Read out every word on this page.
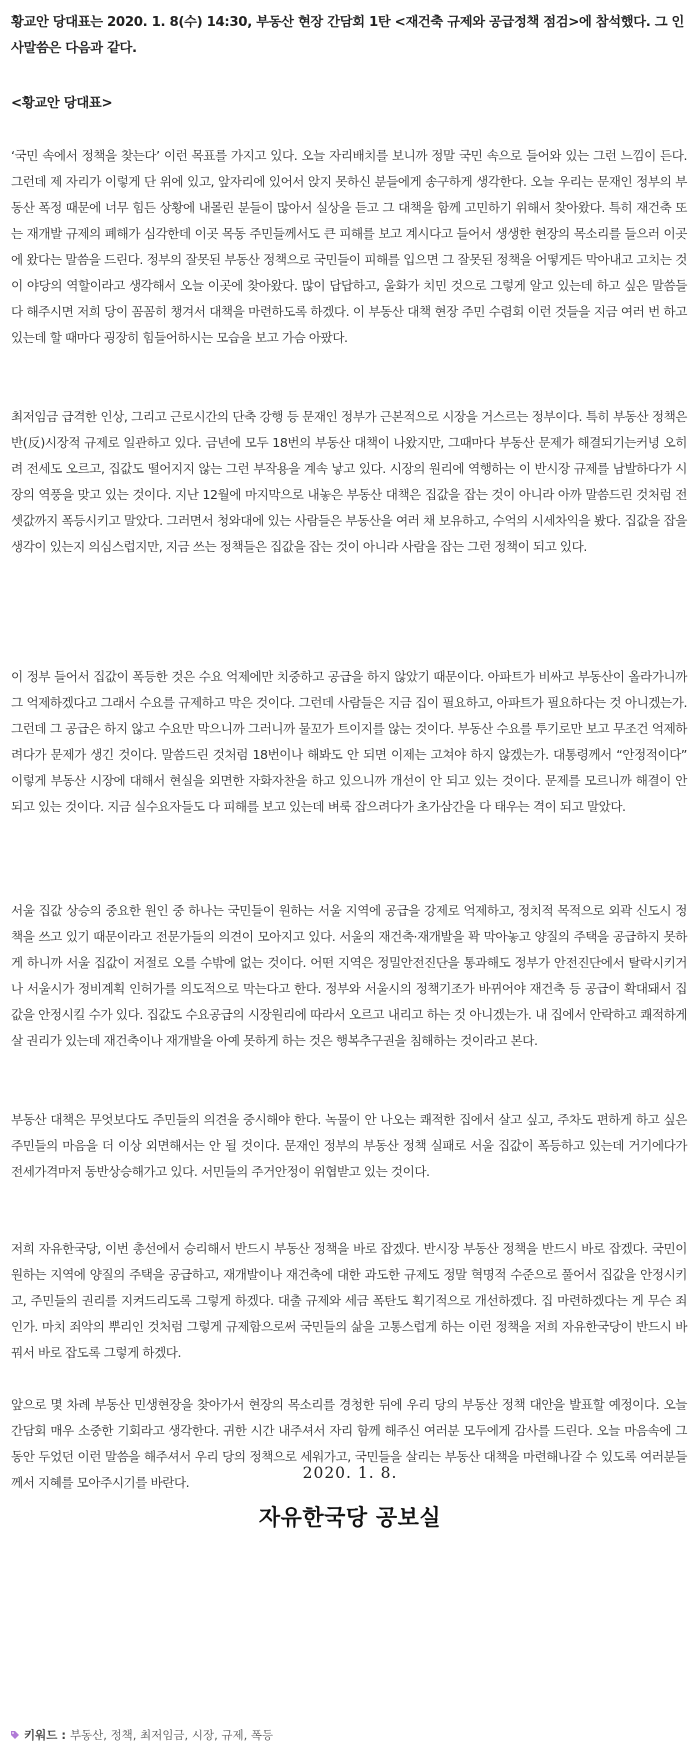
황교안 당대표는 2020. 1. 8(수) 14:30, 부동산 현장 간담회 1탄 <재건축 규제와 공급정책 점검>에 참석했다. 그 인사말씀은 다음과 같다.

<황교안 당대표>

‘국민 속에서 정책을 찾는다’ 이런 목표를 가지고 있다. 오늘 자리배치를 보니까 정말 국민 속으로 들어와 있는 그런 느낌이 든다. 그런데 제 자리가 이렇게 단 위에 있고, 앞자리에 있어서 앉지 못하신 분들에게 송구하게 생각한다. 오늘 우리는 문재인 정부의 부동산 폭정 때문에 너무 힘든 상황에 내몰린 분들이 많아서 실상을 듣고 그 대책을 함께 고민하기 위해서 찾아왔다. 특히 재건축 또는 재개발 규제의 폐해가 심각한데 이곳 목동 주민들께서도 큰 피해를 보고 계시다고 들어서 생생한 현장의 목소리를 들으러 이곳에 왔다는 말씀을 드린다. 정부의 잘못된 부동산 정책으로 국민들이 피해를 입으면 그 잘못된 정책을 어떻게든 막아내고 고치는 것이 야당의 역할이라고 생각해서 오늘 이곳에 찾아왔다. 많이 답답하고, 울화가 치민 것으로 그렇게 알고 있는데 하고 싶은 말씀들 다 해주시면 저희 당이 꼼꼼히 챙겨서 대책을 마련하도록 하겠다. 이 부동산 대책 현장 주민 수렴회 이런 것들을 지금 여러 번 하고 있는데 할 때마다 굉장히 힘들어하시는 모습을 보고 가슴 아팠다.

최저임금 급격한 인상, 그리고 근로시간의 단축 강행 등 문재인 정부가 근본적으로 시장을 거스르는 정부이다. 특히 부동산 정책은 반(反)시장적 규제로 일관하고 있다. 금년에 모두 18번의 부동산 대책이 나왔지만, 그때마다 부동산 문제가 해결되기는커녕 오히려 전세도 오르고, 집값도 떨어지지 않는 그런 부작용을 계속 낳고 있다. 시장의 원리에 역행하는 이 반시장 규제를 남발하다가 시장의 역풍을 맞고 있는 것이다. 지난 12월에 마지막으로 내놓은 부동산 대책은 집값을 잡는 것이 아니라 아까 말씀드린 것처럼 전셋값까지 폭등시키고 말았다. 그러면서 청와대에 있는 사람들은 부동산을 여러 채 보유하고, 수억의 시세차익을 봤다. 집값을 잡을 생각이 있는지 의심스럽지만, 지금 쓰는 정책들은 집값을 잡는 것이 아니라 사람을 잡는 그런 정책이 되고 있다.

이 정부 들어서 집값이 폭등한 것은 수요 억제에만 치중하고 공급을 하지 않았기 때문이다. 아파트가 비싸고 부동산이 올라가니까 그 억제하겠다고 그래서 수요를 규제하고 막은 것이다. 그런데 사람들은 지금 집이 필요하고, 아파트가 필요하다는 것 아니겠는가. 그런데 그 공급은 하지 않고 수요만 막으니까 그러니까 물꼬가 트이지를 않는 것이다. 부동산 수요를 투기로만 보고 무조건 억제하려다가 문제가 생긴 것이다. 말씀드린 것처럼 18번이나 해봐도 안 되면 이제는 고쳐야 하지 않겠는가. 대통령께서 “안정적이다” 이렇게 부동산 시장에 대해서 현실을 외면한 자화자찬을 하고 있으니까 개선이 안 되고 있는 것이다. 문제를 모르니까 해결이 안 되고 있는 것이다. 지금 실수요자들도 다 피해를 보고 있는데 벼룩 잡으려다가 초가삼간을 다 태우는 격이 되고 말았다.

서울 집값 상승의 중요한 원인 중 하나는 국민들이 원하는 서울 지역에 공급을 강제로 억제하고, 정치적 목적으로 외곽 신도시 정책을 쓰고 있기 때문이라고 전문가들의 의견이 모아지고 있다. 서울의 재건축·재개발을 꽉 막아놓고 양질의 주택을 공급하지 못하게 하니까 서울 집값이 저절로 오를 수밖에 없는 것이다. 어떤 지역은 정밀안전진단을 통과해도 정부가 안전진단에서 탈락시키거나 서울시가 정비계획 인허가를 의도적으로 막는다고 한다. 정부와 서울시의 정책기조가 바뀌어야 재건축 등 공급이 확대돼서 집값을 안정시킬 수가 있다. 집값도 수요공급의 시장원리에 따라서 오르고 내리고 하는 것 아니겠는가. 내 집에서 안락하고 쾌적하게 살 권리가 있는데 재건축이나 재개발을 아예 못하게 하는 것은 행복추구권을 침해하는 것이라고 본다.

부동산 대책은 무엇보다도 주민들의 의견을 중시해야 한다. 녹물이 안 나오는 쾌적한 집에서 살고 싶고, 주차도 편하게 하고 싶은 주민들의 마음을 더 이상 외면해서는 안 될 것이다. 문재인 정부의 부동산 정책 실패로 서울 집값이 폭등하고 있는데 거기에다가 전세가격마저 동반상승해가고 있다. 서민들의 주거안정이 위협받고 있는 것이다.

저희 자유한국당, 이번 총선에서 승리해서 반드시 부동산 정책을 바로 잡겠다. 반시장 부동산 정책을 반드시 바로 잡겠다. 국민이 원하는 지역에 양질의 주택을 공급하고, 재개발이나 재건축에 대한 과도한 규제도 정말 혁명적 수준으로 풀어서 집값을 안정시키고, 주민들의 권리를 지켜드리도록 그렇게 하겠다. 대출 규제와 세금 폭탄도 획기적으로 개선하겠다. 집 마련하겠다는 게 무슨 죄인가. 마치 죄악의 뿌리인 것처럼 그렇게 규제함으로써 국민들의 삶을 고통스럽게 하는 이런 정책을 저희 자유한국당이 반드시 바꿔서 바로 잡도록 그렇게 하겠다.

2020. 1. 8.
자유한국당 공보실
키워드 : 부동산, 정책, 최저임금, 시장, 규제, 폭등

앞으로 몇 차례 부동산 민생현장을 찾아가서 현장의 목소리를 경청한 뒤에 우리 당의 부동산 정책 대안을 발표할 예정이다. 오늘 간담회 매우 소중한 기회라고 생각한다. 귀한 시간 내주셔서 자리 함께 해주신 여러분 모두에게 감사를 드린다. 오늘 마음속에 그동안 두었던 이런 말씀을 해주셔서 우리 당의 정책으로 세워가고, 국민들을 살리는 부동산 대책을 마련해나갈 수 있도록 여러분들께서 지혜를 모아주시기를 바란다.
